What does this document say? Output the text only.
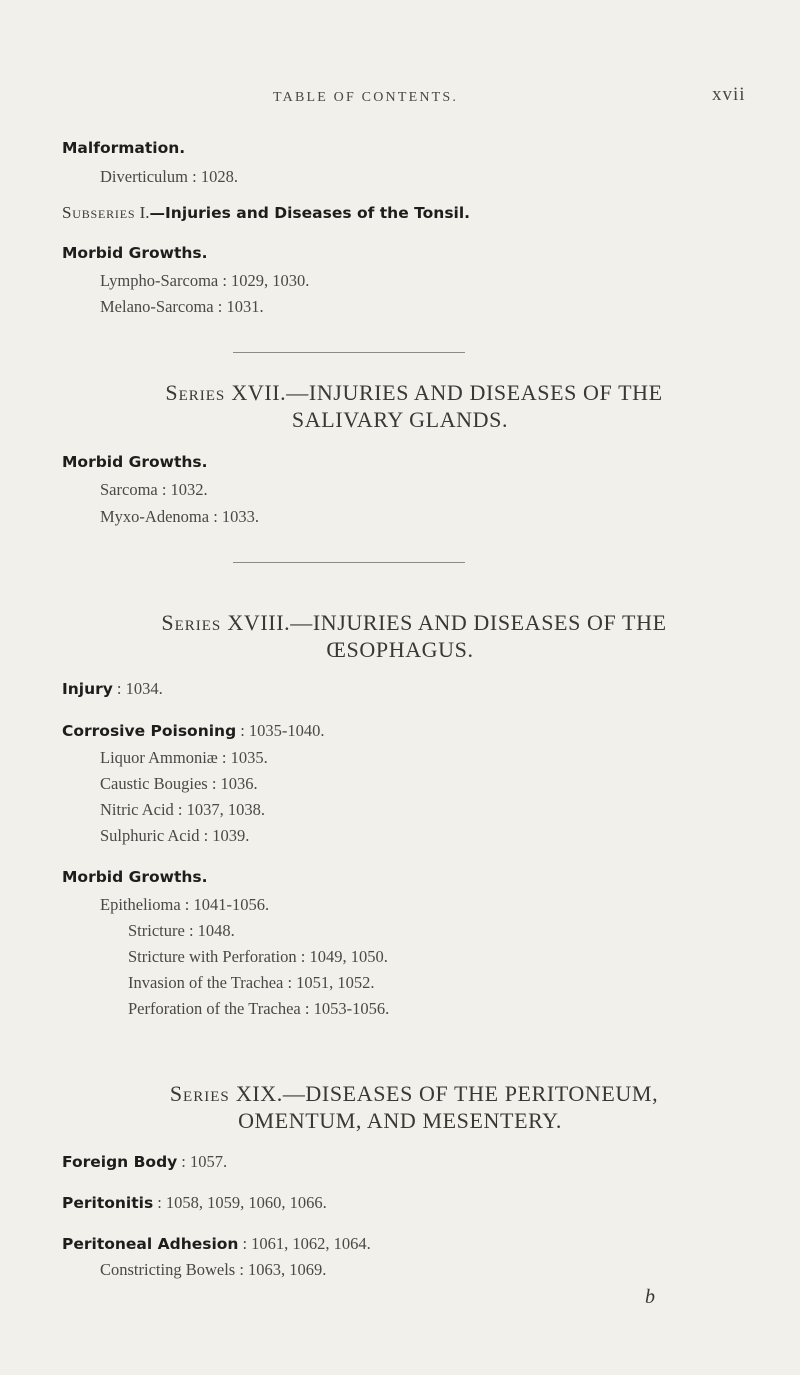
TABLE OF CONTENTS.	xvii
Malformation.
Diverticulum : 1028.
Subseries I.—Injuries and Diseases of the Tonsil.
Morbid Growths.
Lympho-Sarcoma : 1029, 1030.
Melano-Sarcoma : 1031.
Series XVII.—INJURIES AND DISEASES OF THE
SALIVARY GLANDS.
Morbid Growths.
Sarcoma : 1032.
Myxo-Adenoma : 1033.
Series XVIII.—INJURIES AND DISEASES OF THE
ŒSOPHAGUS.
Injury : 1034.
Corrosive Poisoning : 1035-1040.
Liquor Ammoniæ : 1035.
Caustic Bougies : 1036.
Nitric Acid : 1037, 1038.
Sulphuric Acid : 1039.
Morbid Growths.
Epithelioma : 1041-1056.
Stricture : 1048.
Stricture with Perforation : 1049, 1050.
Invasion of the Trachea : 1051, 1052.
Perforation of the Trachea : 1053-1056.
Series XIX.—DISEASES OF THE PERITONEUM,
OMENTUM, AND MESENTERY.
Foreign Body : 1057.
Peritonitis : 1058, 1059, 1060, 1066.
Peritoneal Adhesion : 1061, 1062, 1064.
Constricting Bowels : 1063, 1069.
b
